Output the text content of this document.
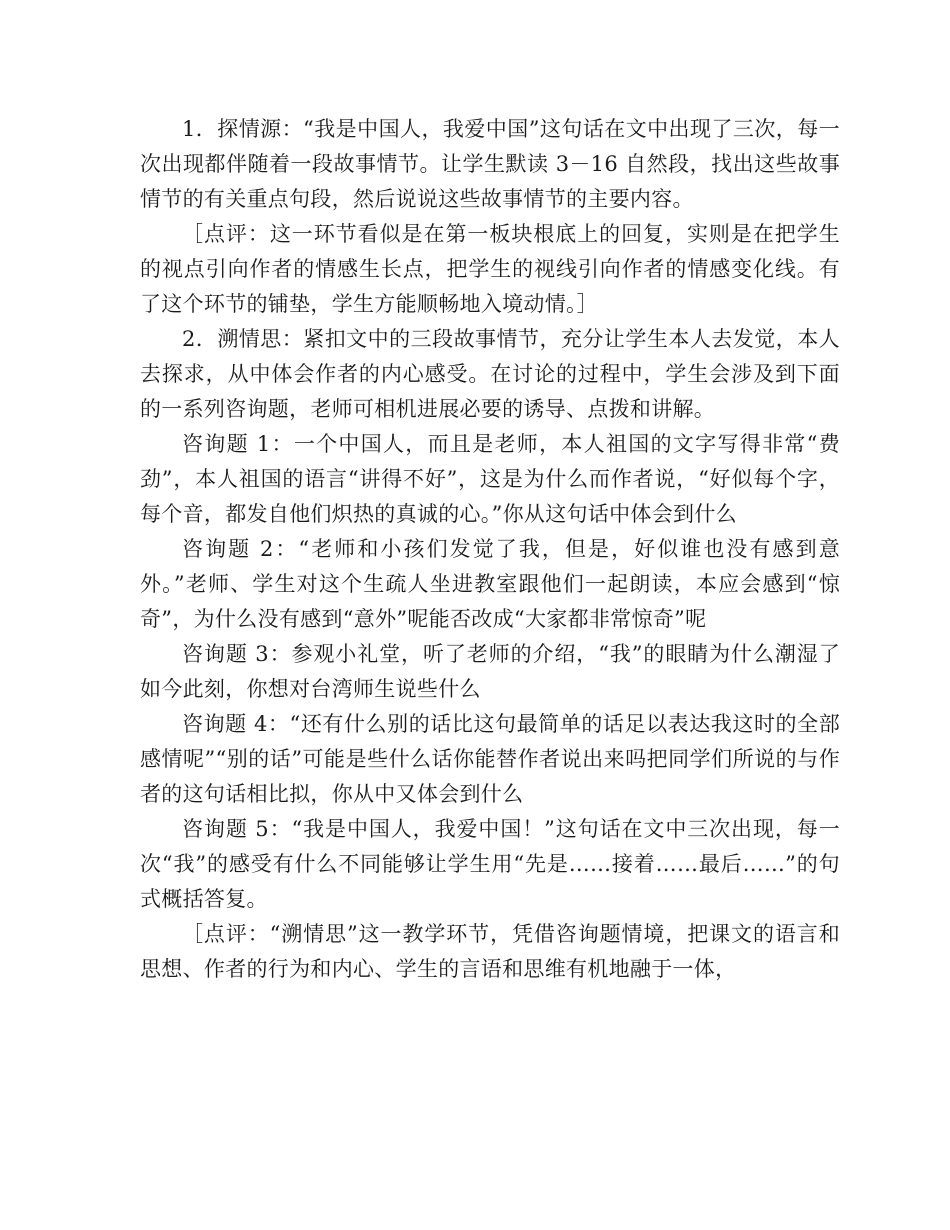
1．探情源：“我是中国人，我爱中国”这句话在文中出现了三次，每一次出现都伴随着一段故事情节。让学生默读 3－16 自然段，找出这些故事情节的有关重点句段，然后说说这些故事情节的主要内容。

［点评：这一环节看似是在第一板块根底上的回复，实则是在把学生的视点引向作者的情感生长点，把学生的视线引向作者的情感变化线。有了这个环节的铺垫，学生方能顺畅地入境动情。］

2．溯情思：紧扣文中的三段故事情节，充分让学生本人去发觉，本人去探求，从中体会作者的内心感受。在讨论的过程中，学生会涉及到下面的一系列咨询题，老师可相机进展必要的诱导、点拨和讲解。

咨询题 1：一个中国人，而且是老师，本人祖国的文字写得非常“费劲”，本人祖国的语言“讲得不好”，这是为什么而作者说，“好似每个字，每个音，都发自他们炽热的真诚的心。”你从这句话中体会到什么

咨询题 2：“老师和小孩们发觉了我，但是，好似谁也没有感到意外。”老师、学生对这个生疏人坐进教室跟他们一起朗读，本应会感到“惊奇”，为什么没有感到“意外”呢能否改成“大家都非常惊奇”呢

咨询题 3：参观小礼堂，听了老师的介绍，“我”的眼睛为什么潮湿了如今此刻，你想对台湾师生说些什么

咨询题 4：“还有什么别的话比这句最简单的话足以表达我这时的全部感情呢”“别的话”可能是些什么话你能替作者说出来吗把同学们所说的与作者的这句话相比拟，你从中又体会到什么

咨询题 5：“我是中国人，我爱中国！”这句话在文中三次出现，每一次“我”的感受有什么不同能够让学生用“先是……接着……最后……”的句式概括答复。

［点评：“溯情思”这一教学环节，凭借咨询题情境，把课文的语言和思想、作者的行为和内心、学生的言语和思维有机地融于一体，
